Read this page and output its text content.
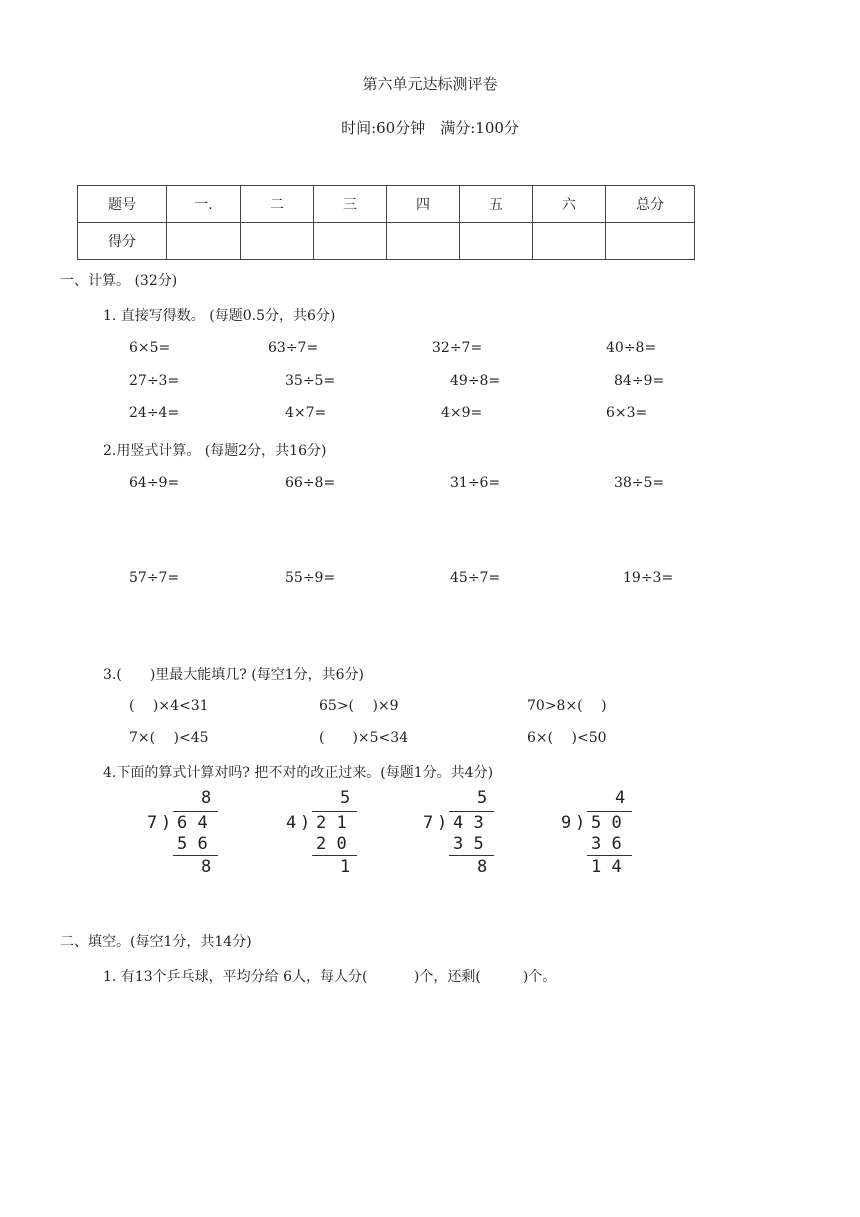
第六单元达标测评卷
时间:60分钟　满分:100分
题号	一.	二	三	四	五	六	总分
得分							
一、计算。 (32分)
1. 直接写得数。 (每题0.5分，共6分)
6×5=	63÷7=	32÷7=	40÷8=
27÷3=	35÷5=	49÷8=	84÷9=
24÷4=	4×7=	4×9=	6×3=
2.用竖式计算。 (每题2分，共16分)
64÷9=	66÷8=	31÷6=	38÷5=
57÷7=	55÷9=	45÷7=	19÷3=
3.(　　)里最大能填几? (每空1分，共6分)
(　 )×4<31	65>(　 )×9	70>8×(　 )
7×(　 )<45	(　　)×5<34	6×(　 )<50
4.下面的算式计算对吗? 把不对的改正过来。(每题1分。共4分)
8
7 ) 6 4
5 6
8
5
4 ) 2 1
2 0
1
5
7 ) 4 3
3 5
8
4
9 ) 5 0
3 6
1 4
二、填空。(每空1分，共14分)
1. 有13个乒乓球，平均分给 6人，每人分(　　　 )个，还剩(　　　)个。
